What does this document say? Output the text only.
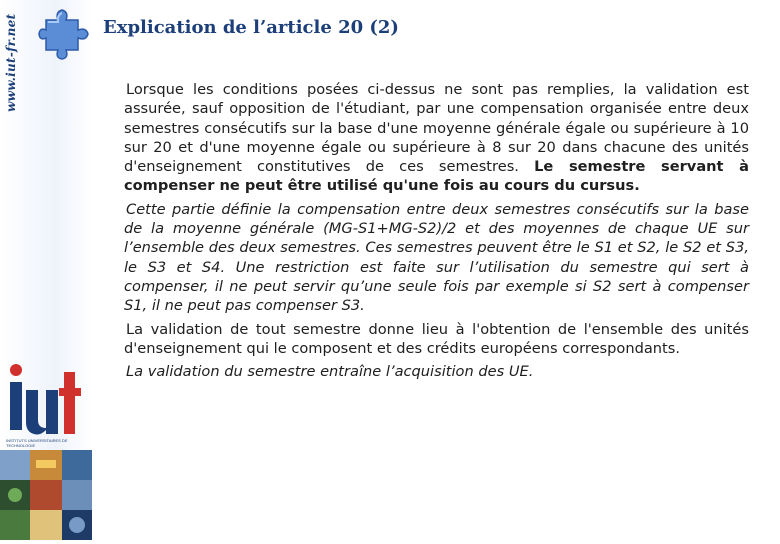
www.iut-fr.net
INSTITUTS UNIVERSITAIRES DE TECHNOLOGIE
Explication de l’article 20 (2)

Lorsque les conditions posées ci-dessus ne sont pas remplies, la validation est assurée, sauf opposition de l'étudiant, par une compensation organisée entre deux semestres consécutifs sur la base d'une moyenne générale égale ou supérieure à 10 sur 20 et d'une moyenne égale ou supérieure à 8 sur 20 dans chacune des unités d'enseignement constitutives de ces semestres. Le semestre servant à compenser ne peut être utilisé qu'une fois au cours du cursus.

Cette partie définie la compensation entre deux semestres consécutifs sur la base de la moyenne générale (MG-S1+MG-S2)/2 et des moyennes de chaque UE sur l’ensemble des deux semestres. Ces semestres peuvent être le S1 et S2, le S2 et S3, le S3 et S4. Une restriction est faite sur l’utilisation du semestre qui sert à compenser, il ne peut servir qu’une seule fois par exemple si S2 sert à compenser S1, il ne peut pas compenser S3.

La validation de tout semestre donne lieu à l'obtention de l'ensemble des unités d'enseignement qui le composent et des crédits européens correspondants.

La validation du semestre entraîne l’acquisition des UE.
